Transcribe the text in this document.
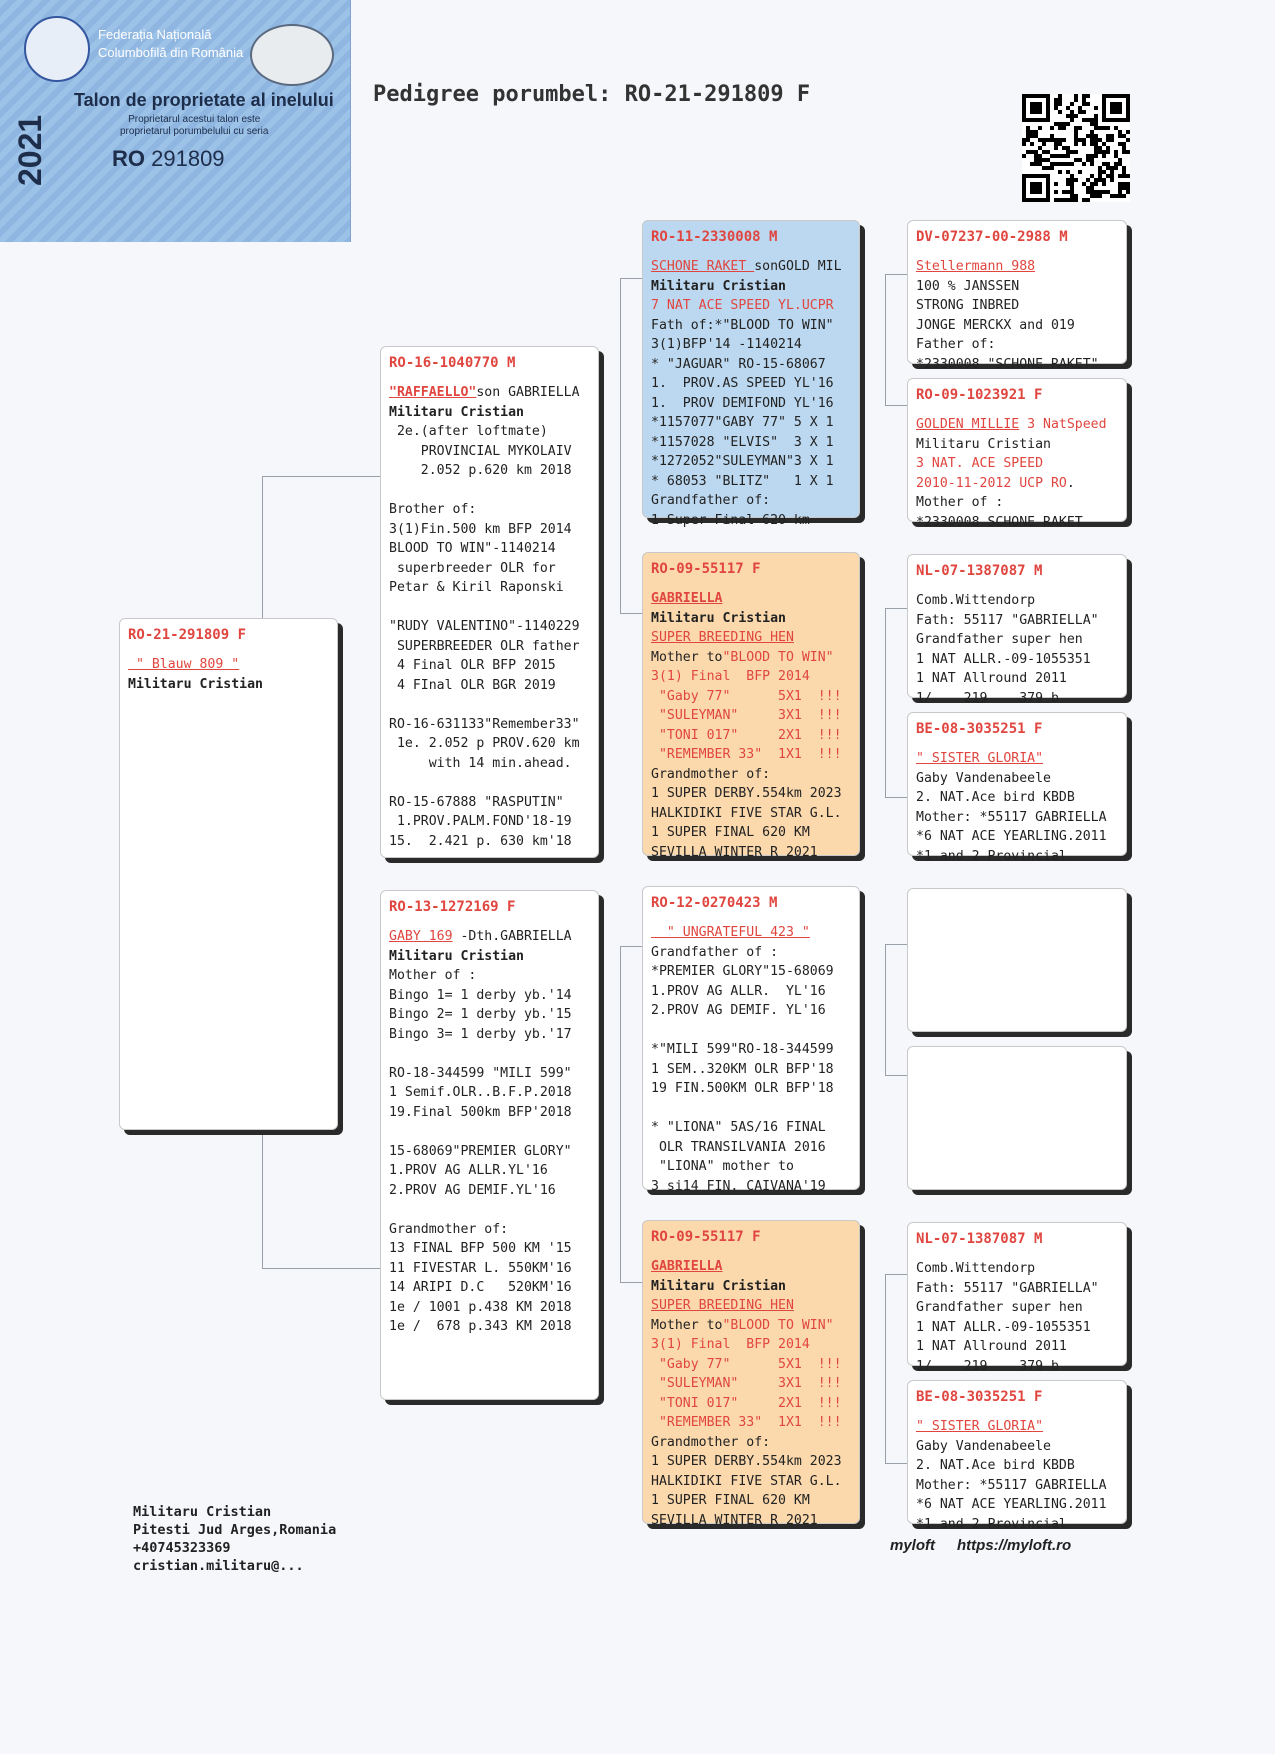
Federația Națională
Columbofilă din România
Talon de proprietate al inelului
Proprietarul acestui talon este
proprietarul porumbelului cu seria
2021	RO 291809
Pedigree porumbel: RO-21-291809 F
RO-21-291809 F
" Blauw 809 "
Militaru Cristian
RO-16-1040770 M
"RAFFAELLO"son GABRIELLA
Militaru Cristian
2e.(after loftmate)
PROVINCIAL MYKOLAIV
2.052 p.620 km 2018

Brother of:
3(1)Fin.500 km BFP 2014
BLOOD TO WIN"-1140214
superbreeder OLR for
Petar & Kiril Raponski

"RUDY VALENTINO"-1140229
SUPERBREEDER OLR father
4 Final OLR BFP 2015
4 FInal OLR BGR 2019

RO-16-631133"Remember33"
1e. 2.052 p PROV.620 km
with 14 min.ahead.

RO-15-67888 "RASPUTIN"
1.PROV.PALM.FOND'18-19
15.  2.421 p. 630 km'18
RO-13-1272169 F
GABY 169 -Dth.GABRIELLA
Militaru Cristian
Mother of :
Bingo 1= 1 derby yb.'14
Bingo 2= 1 derby yb.'15
Bingo 3= 1 derby yb.'17

RO-18-344599 "MILI 599"
1 Semif.OLR..B.F.P.2018
19.Final 500km BFP'2018

15-68069"PREMIER GLORY"
1.PROV AG ALLR.YL'16
2.PROV AG DEMIF.YL'16

Grandmother of:
13 FINAL BFP 500 KM '15
11 FIVESTAR L. 550KM'16
14 ARIPI D.C   520KM'16
1e / 1001 p.438 KM 2018
1e /  678 p.343 KM 2018
RO-11-2330008 M
SCHONE RAKET sonGOLD MIL
Militaru Cristian
7 NAT ACE SPEED YL.UCPR
Fath of:*"BLOOD TO WIN"
3(1)BFP'14 -1140214
* "JAGUAR" RO-15-68067
1.  PROV.AS SPEED YL'16
1.  PROV DEMIFOND YL'16
*1157077"GABY 77" 5 X 1
*1157028 "ELVIS"  3 X 1
*1272052"SULEYMAN"3 X 1
* 68053 "BLITZ"   1 X 1
Grandfather of:
1 Super Final 620 km
RO-09-55117 F
GABRIELLA
Militaru Cristian
SUPER BREEDING HEN
Mother to"BLOOD TO WIN"
3(1) Final  BFP 2014
"Gaby 77"      5X1  !!!
"SULEYMAN"     3X1  !!!
"TONI 017"     2X1  !!!
"REMEMBER 33"  1X1  !!!
Grandmother of:
1 SUPER DERBY.554km 2023
HALKIDIKI FIVE STAR G.L.
1 SUPER FINAL 620 KM
SEVILLA WINTER R 2021
RO-12-0270423 M
" UNGRATEFUL 423 "
Grandfather of :
*PREMIER GLORY"15-68069
1.PROV AG ALLR.  YL'16
2.PROV AG DEMIF. YL'16

*"MILI 599"RO-18-344599
1 SEM..320KM OLR BFP'18
19 FIN.500KM OLR BFP'18

* "LIONA" 5AS/16 FINAL
OLR TRANSILVANIA 2016
"LIONA" mother to
3 si14 FIN. CAIVANA'19
RO-09-55117 F
GABRIELLA
Militaru Cristian
SUPER BREEDING HEN
Mother to"BLOOD TO WIN"
3(1) Final  BFP 2014
"Gaby 77"      5X1  !!!
"SULEYMAN"     3X1  !!!
"TONI 017"     2X1  !!!
"REMEMBER 33"  1X1  !!!
Grandmother of:
1 SUPER DERBY.554km 2023
HALKIDIKI FIVE STAR G.L.
1 SUPER FINAL 620 KM
SEVILLA WINTER R 2021
DV-07237-00-2988 M
Stellermann 988
100 % JANSSEN
STRONG INBRED
JONGE MERCKX and 019
Father of:
*2330008 "SCHONE RAKET"
RO-09-1023921 F
GOLDEN MILLIE 3 NatSpeed
Militaru Cristian
3 NAT. ACE SPEED
2010-11-2012 UCP RO.
Mother of :
*2330008 SCHONE RAKET
NL-07-1387087 M
Comb.Wittendorp
Fath: 55117 "GABRIELLA"
Grandfather super hen
1 NAT ALLR.-09-1055351
1 NAT Allround 2011
1/    219    379 b
BE-08-3035251 F
" SISTER GLORIA"
Gaby Vandenabeele
2. NAT.Ace bird KBDB
Mother: *55117 GABRIELLA
*6 NAT ACE YEARLING.2011
*1 and 2 Provincial
NL-07-1387087 M
Comb.Wittendorp
Fath: 55117 "GABRIELLA"
Grandfather super hen
1 NAT ALLR.-09-1055351
1 NAT Allround 2011
1/    219    379 b
BE-08-3035251 F
" SISTER GLORIA"
Gaby Vandenabeele
2. NAT.Ace bird KBDB
Mother: *55117 GABRIELLA
*6 NAT ACE YEARLING.2011
*1 and 2 Provincial
Militaru Cristian
Pitesti Jud Arges,Romania
+40745323369
cristian.militaru@...
myloft https://myloft.ro
